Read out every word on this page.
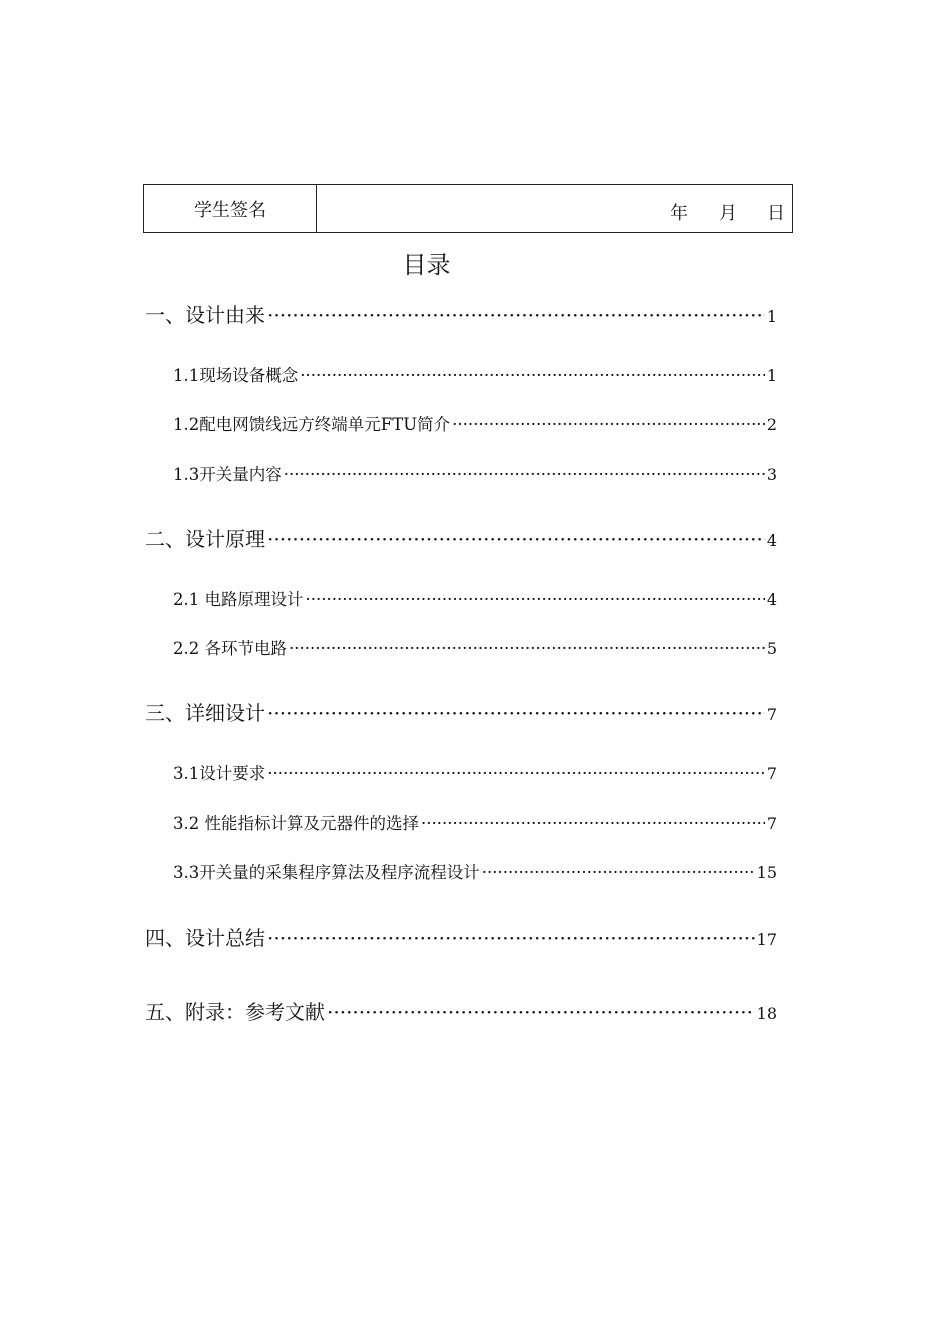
学生签名	年 月 日
目录
一、设计由来 ·····	1
1.1现场设备概念 ·····	1
1.2配电网馈线远方终端单元FTU简介 ·····	2
1.3开关量内容 ·····	3
二、设计原理 ·····	4
2.1 电路原理设计 ·····	4
2.2 各环节电路 ·····	5
三、详细设计 ·····	7
3.1设计要求 ·····	7
3.2 性能指标计算及元器件的选择 ·····	7
3.3开关量的采集程序算法及程序流程设计 ·····	15
四、设计总结 ·····	17
五、附录：参考文献 ·····	18
